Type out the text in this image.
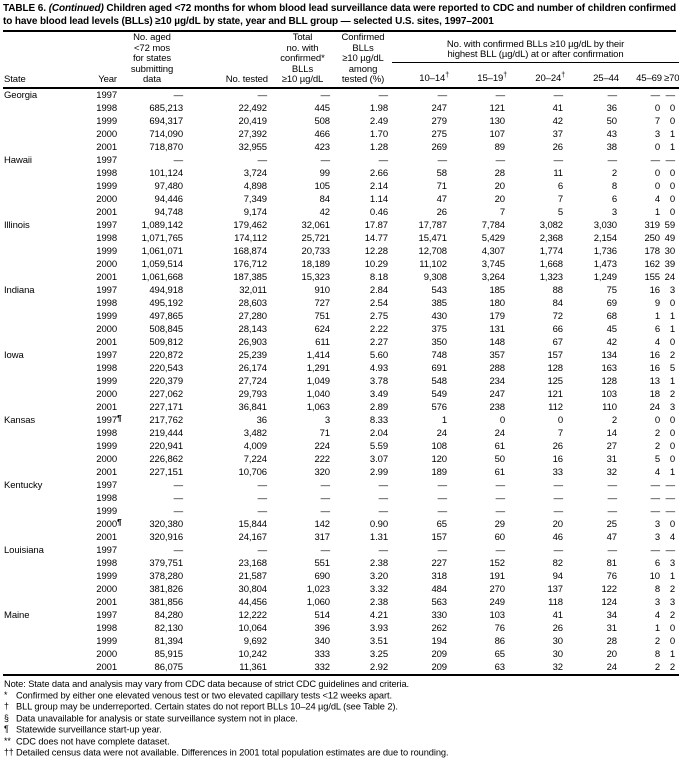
TABLE 6. (Continued) Children aged <72 months for whom blood lead surveillance data were reported to CDC and number of children confirmed to have blood lead levels (BLLs) ≥10 µg/dL by state, year and BLL group — selected U.S. sites, 1997–2001
State	Year	No. aged
<72 mos
for states
submitting
data	No. tested	Total
no. with
confirmed*
BLLs
≥10 µg/dL	Confirmed
BLLs
≥10 µg/dL
among
tested (%)	No. with confirmed BLLs ≥10 µg/dL by their
highest BLL (µg/dL) at or after confirmation					
						10–14†	15–19†	20–24†	25–44	45–69	≥70
Georgia	1997	—	—	—	—	—	—	—	—	—	—
	1998	685,213	22,492	445	1.98	247	121	41	36	0	0
	1999	694,317	20,419	508	2.49	279	130	42	50	7	0
	2000	714,090	27,392	466	1.70	275	107	37	43	3	1
	2001	718,870	32,955	423	1.28	269	89	26	38	0	1
Hawaii	1997	—	—	—	—	—	—	—	—	—	—
	1998	101,124	3,724	99	2.66	58	28	11	2	0	0
	1999	97,480	4,898	105	2.14	71	20	6	8	0	0
	2000	94,446	7,349	84	1.14	47	20	7	6	4	0
	2001	94,748	9,174	42	0.46	26	7	5	3	1	0
Illinois	1997	1,089,142	179,462	32,061	17.87	17,787	7,784	3,082	3,030	319	59
	1998	1,071,765	174,112	25,721	14.77	15,471	5,429	2,368	2,154	250	49
	1999	1,061,071	168,874	20,733	12.28	12,708	4,307	1,774	1,736	178	30
	2000	1,059,514	176,712	18,189	10.29	11,102	3,745	1,668	1,473	162	39
	2001	1,061,668	187,385	15,323	8.18	9,308	3,264	1,323	1,249	155	24
Indiana	1997	494,918	32,011	910	2.84	543	185	88	75	16	3
	1998	495,192	28,603	727	2.54	385	180	84	69	9	0
	1999	497,865	27,280	751	2.75	430	179	72	68	1	1
	2000	508,845	28,143	624	2.22	375	131	66	45	6	1
	2001	509,812	26,903	611	2.27	350	148	67	42	4	0
Iowa	1997	220,872	25,239	1,414	5.60	748	357	157	134	16	2
	1998	220,543	26,174	1,291	4.93	691	288	128	163	16	5
	1999	220,379	27,724	1,049	3.78	548	234	125	128	13	1
	2000	227,062	29,793	1,040	3.49	549	247	121	103	18	2
	2001	227,171	36,841	1,063	2.89	576	238	112	110	24	3
Kansas	1997¶	217,762	36	3	8.33	1	0	0	2	0	0
	1998	219,444	3,482	71	2.04	24	24	7	14	2	0
	1999	220,941	4,009	224	5.59	108	61	26	27	2	0
	2000	226,862	7,224	222	3.07	120	50	16	31	5	0
	2001	227,151	10,706	320	2.99	189	61	33	32	4	1
Kentucky	1997	—	—	—	—	—	—	—	—	—	—
	1998	—	—	—	—	—	—	—	—	—	—
	1999	—	—	—	—	—	—	—	—	—	—
	2000¶	320,380	15,844	142	0.90	65	29	20	25	3	0
	2001	320,916	24,167	317	1.31	157	60	46	47	3	4
Louisiana	1997	—	—	—	—	—	—	—	—	—	—
	1998	379,751	23,168	551	2.38	227	152	82	81	6	3
	1999	378,280	21,587	690	3.20	318	191	94	76	10	1
	2000	381,826	30,804	1,023	3.32	484	270	137	122	8	2
	2001	381,856	44,456	1,060	2.38	563	249	118	124	3	3
Maine	1997	84,280	12,222	514	4.21	330	103	41	34	4	2
	1998	82,130	10,064	396	3.93	262	76	26	31	1	0
	1999	81,394	9,692	340	3.51	194	86	30	28	2	0
	2000	85,915	10,242	333	3.25	209	65	30	20	8	1
	2001	86,075	11,361	332	2.92	209	63	32	24	2	2
Note: State data and analysis may vary from CDC data because of strict CDC guidelines and criteria.
* Confirmed by either one elevated venous test or two elevated capillary tests <12 weeks apart.
† BLL group may be underreported. Certain states do not report BLLs 10–24 µg/dL (see Table 2).
§ Data unavailable for analysis or state surveillance system not in place.
¶ Statewide surveillance start-up year.
** CDC does not have complete dataset.
†† Detailed census data were not available. Differences in 2001 total population estimates are due to rounding.
